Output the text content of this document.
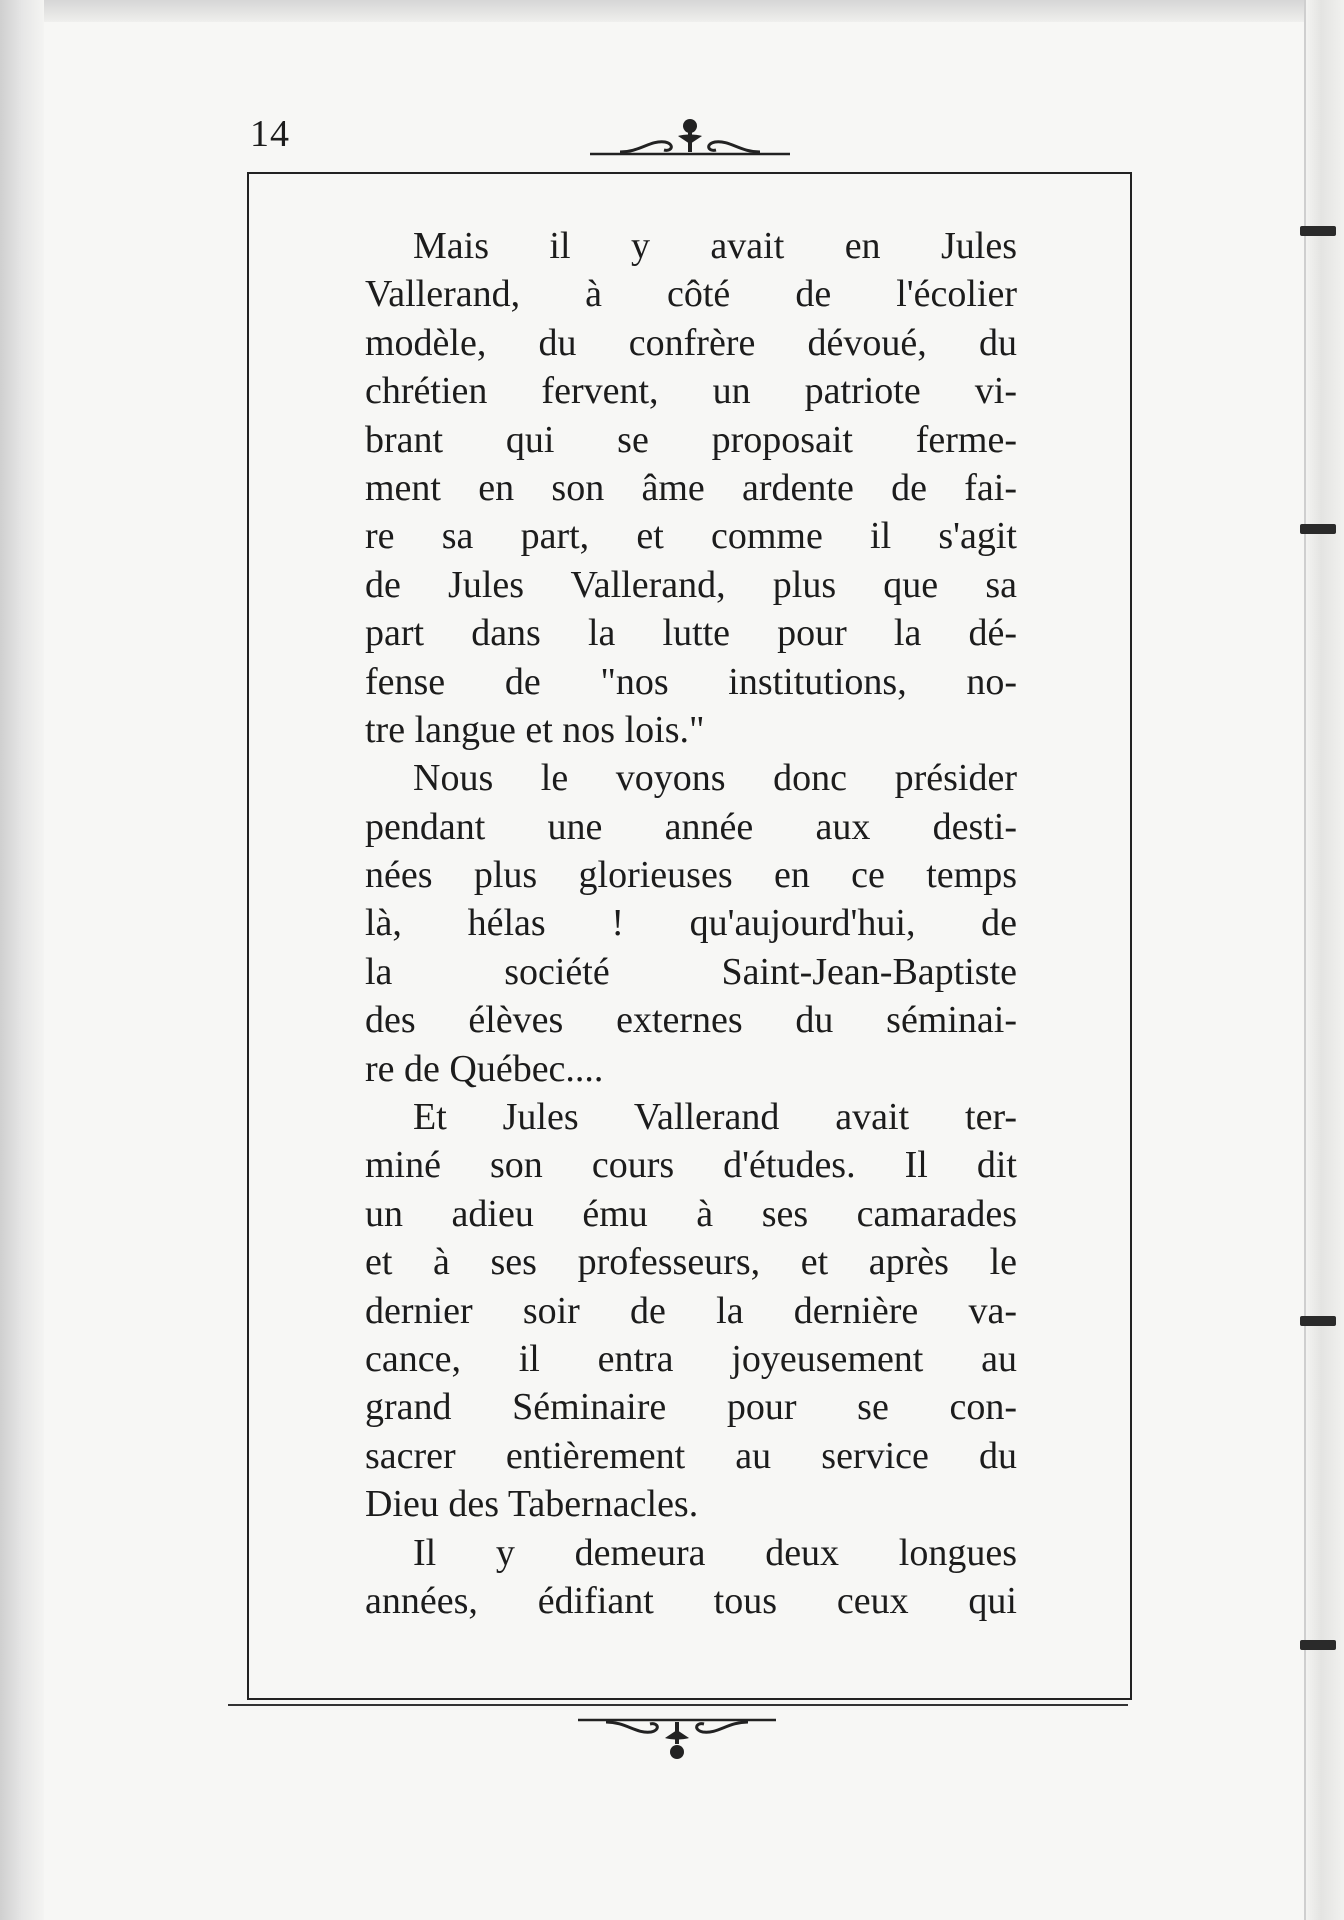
14
Mais il y avait en Jules
Vallerand, à côté de l'écolier
modèle, du confrère dévoué, du
chrétien fervent, un patriote vi-
brant qui se proposait ferme-
ment en son âme ardente de fai-
re sa part, et comme il s'agit
de Jules Vallerand, plus que sa
part dans la lutte pour la dé-
fense de "nos institutions, no-
tre langue et nos lois."
Nous le voyons donc présider
pendant une année aux desti-
nées plus glorieuses en ce temps
là, hélas ! qu'aujourd'hui, de
la société Saint-Jean-Baptiste
des élèves externes du séminai-
re de Québec....
Et Jules Vallerand avait ter-
miné son cours d'études. Il dit
un adieu ému à ses camarades
et à ses professeurs, et après le
dernier soir de la dernière va-
cance, il entra joyeusement au
grand Séminaire pour se con-
sacrer entièrement au service du
Dieu des Tabernacles.
Il y demeura deux longues
années, édifiant tous ceux qui
